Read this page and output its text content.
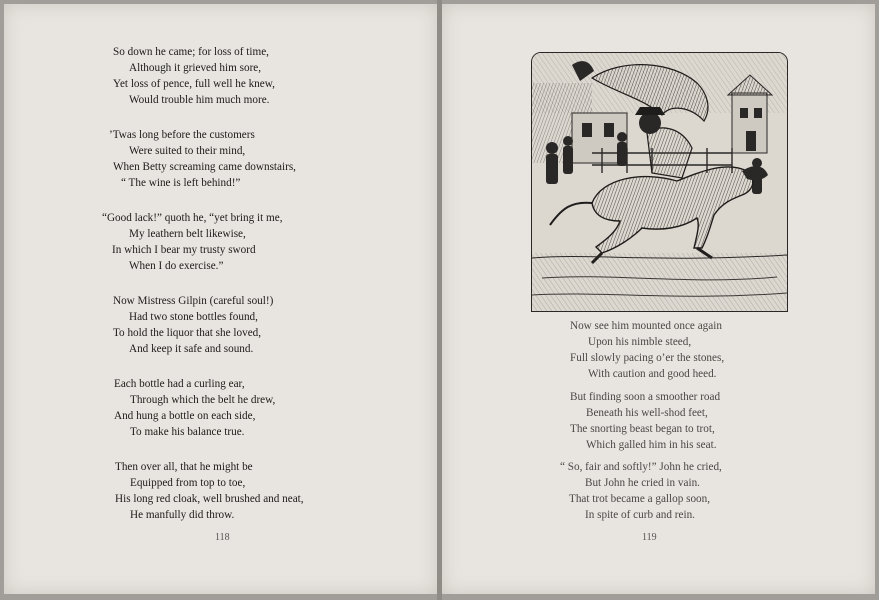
So down he came; for loss of time,
Although it grieved him sore,
Yet loss of pence, full well he knew,
Would trouble him much more.
’Twas long before the customers
Were suited to their mind,
When Betty screaming came downstairs,
“ The wine is left behind!”
“Good lack!” quoth he, “yet bring it me,
My leathern belt likewise,
In which I bear my trusty sword
When I do exercise.”
Now Mistress Gilpin (careful soul!)
Had two stone bottles found,
To hold the liquor that she loved,
And keep it safe and sound.
Each bottle had a curling ear,
Through which the belt he drew,
And hung a bottle on each side,
To make his balance true.
Then over all, that he might be
Equipped from top to toe,
His long red cloak, well brushed and neat,
He manfully did throw.
118
Now see him mounted once again
Upon his nimble steed,
Full slowly pacing o’er the stones,
With caution and good heed.
But finding soon a smoother road
Beneath his well-shod feet,
The snorting beast began to trot,
Which galled him in his seat.
“ So, fair and softly!” John he cried,
But John he cried in vain.
That trot became a gallop soon,
In spite of curb and rein.
119
